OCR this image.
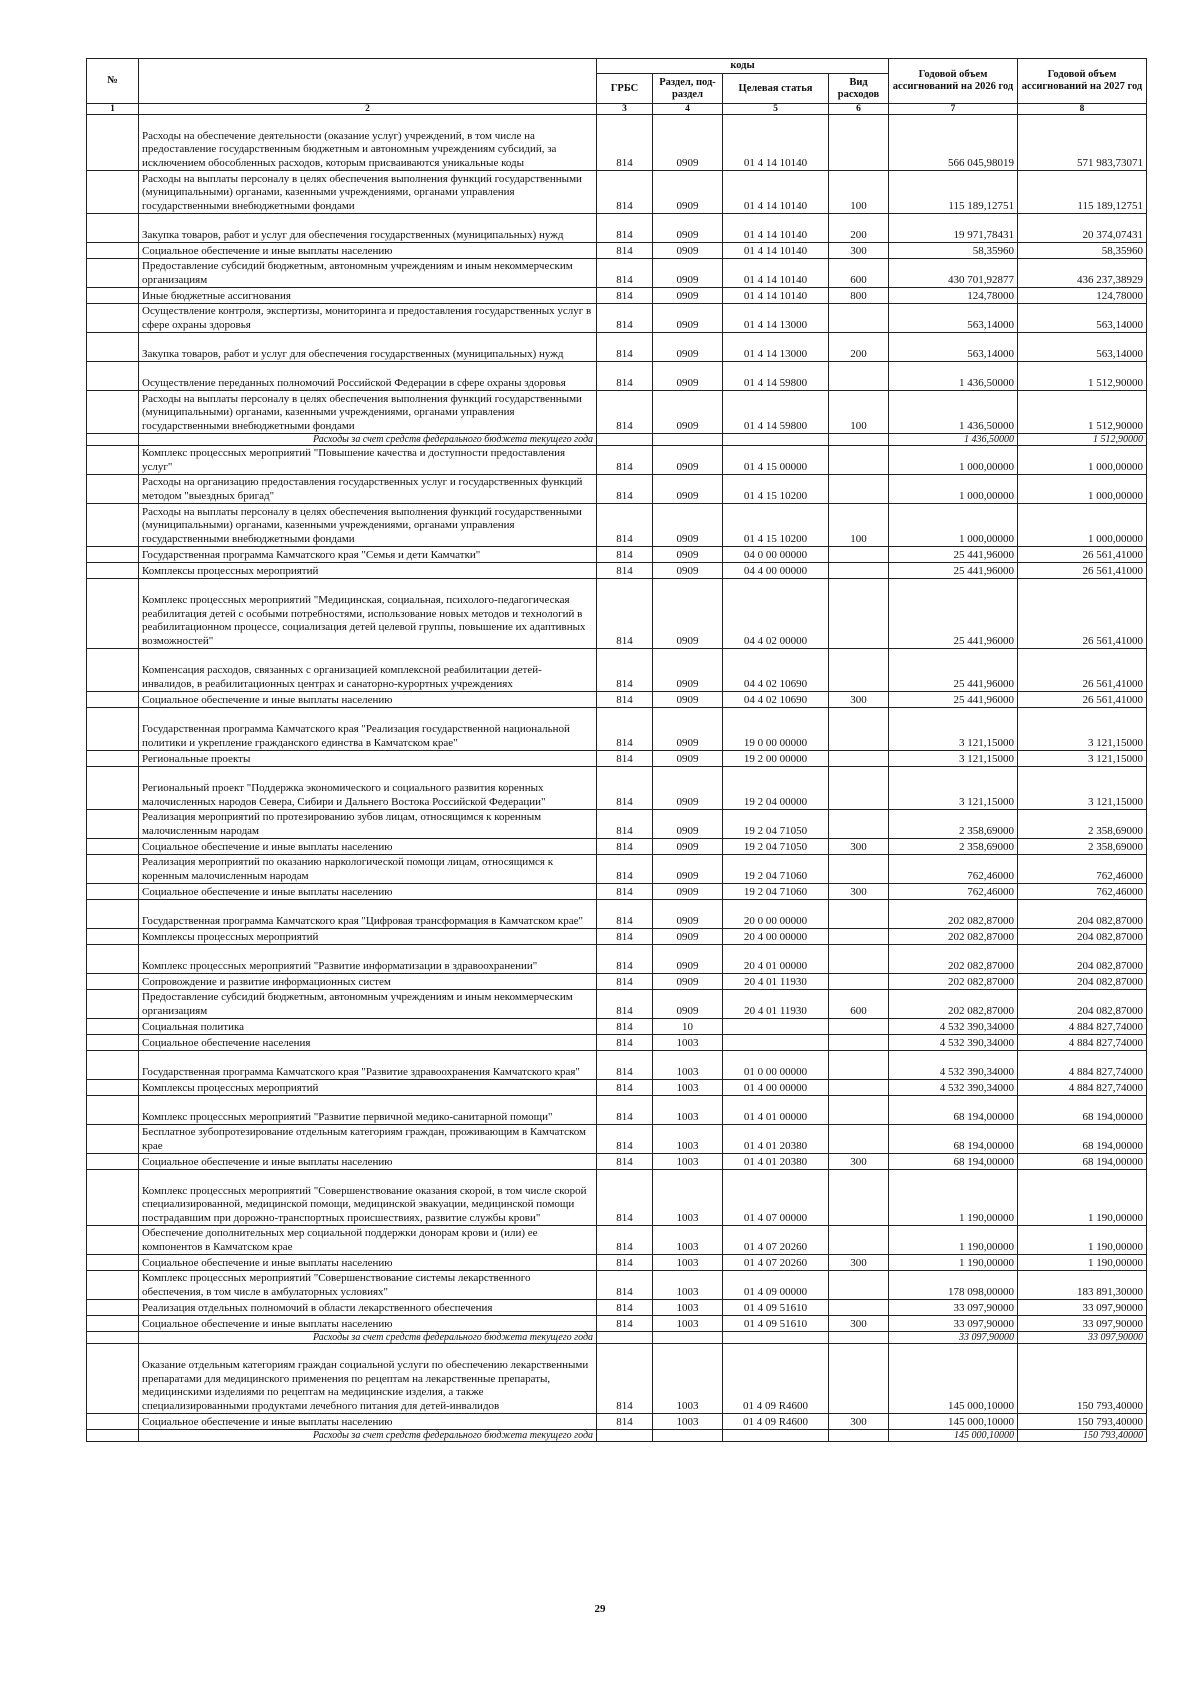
№		коды				Годовой объем ассигнований на 2026 год	Годовой объем ассигнований на 2027 год
		ГРБС	Раздел, под-раздел	Целевая статья	Вид расходов		
1	2	3	4	5	6	7	8
	Расходы на обеспечение деятельности (оказание услуг) учреждений, в том числе на предоставление государственным бюджетным и автономным учреждениям субсидий, за исключением обособленных расходов, которым присваиваются уникальные коды	814	0909	01 4 14 10140		566 045,98019	571 983,73071
	Расходы на выплаты персоналу в целях обеспечения выполнения функций государственными (муниципальными) органами, казенными учреждениями, органами управления государственными внебюджетными фондами	814	0909	01 4 14 10140	100	115 189,12751	115 189,12751
	Закупка товаров, работ и услуг для обеспечения государственных (муниципальных) нужд	814	0909	01 4 14 10140	200	19 971,78431	20 374,07431
	Социальное обеспечение и иные выплаты населению	814	0909	01 4 14 10140	300	58,35960	58,35960
	Предоставление субсидий бюджетным, автономным учреждениям и иным некоммерческим организациям	814	0909	01 4 14 10140	600	430 701,92877	436 237,38929
	Иные бюджетные ассигнования	814	0909	01 4 14 10140	800	124,78000	124,78000
	Осуществление контроля, экспертизы, мониторинга и предоставления государственных услуг в сфере охраны здоровья	814	0909	01 4 14 13000		563,14000	563,14000
	Закупка товаров, работ и услуг для обеспечения государственных (муниципальных) нужд	814	0909	01 4 14 13000	200	563,14000	563,14000
	Осуществление переданных полномочий Российской Федерации в сфере охраны здоровья	814	0909	01 4 14 59800		1 436,50000	1 512,90000
	Расходы на выплаты персоналу в целях обеспечения выполнения функций государственными (муниципальными) органами, казенными учреждениями, органами управления государственными внебюджетными фондами	814	0909	01 4 14 59800	100	1 436,50000	1 512,90000
	Расходы за счет средств федерального бюджета текущего года					1 436,50000	1 512,90000
	Комплекс процессных мероприятий "Повышение качества и доступности предоставления услуг"	814	0909	01 4 15 00000		1 000,00000	1 000,00000
	Расходы на организацию предоставления государственных услуг и государственных функций методом "выездных бригад"	814	0909	01 4 15 10200		1 000,00000	1 000,00000
	Расходы на выплаты персоналу в целях обеспечения выполнения функций государственными (муниципальными) органами, казенными учреждениями, органами управления государственными внебюджетными фондами	814	0909	01 4 15 10200	100	1 000,00000	1 000,00000
	Государственная программа Камчатского края "Семья и дети Камчатки"	814	0909	04 0 00 00000		25 441,96000	26 561,41000
	Комплексы процессных мероприятий	814	0909	04 4 00 00000		25 441,96000	26 561,41000
	Комплекс процессных мероприятий "Медицинская, социальная, психолого-педагогическая реабилитация детей с особыми потребностями, использование новых методов и технологий в реабилитационном процессе, социализация детей целевой группы, повышение их адаптивных возможностей"	814	0909	04 4 02 00000		25 441,96000	26 561,41000
	Компенсация расходов, связанных с организацией комплексной реабилитации детей-инвалидов, в реабилитационных центрах и санаторно-курортных учреждениях	814	0909	04 4 02 10690		25 441,96000	26 561,41000
	Социальное обеспечение и иные выплаты населению	814	0909	04 4 02 10690	300	25 441,96000	26 561,41000
	Государственная программа Камчатского края "Реализация государственной национальной политики и укрепление гражданского единства в Камчатском крае"	814	0909	19 0 00 00000		3 121,15000	3 121,15000
	Региональные проекты	814	0909	19 2 00 00000		3 121,15000	3 121,15000
	Региональный проект "Поддержка экономического и социального развития коренных малочисленных народов Севера, Сибири и Дальнего Востока Российской Федерации"	814	0909	19 2 04 00000		3 121,15000	3 121,15000
	Реализация мероприятий по протезированию зубов лицам, относящимся к коренным малочисленным народам	814	0909	19 2 04 71050		2 358,69000	2 358,69000
	Социальное обеспечение и иные выплаты населению	814	0909	19 2 04 71050	300	2 358,69000	2 358,69000
	Реализация мероприятий по оказанию наркологической помощи лицам, относящимся к коренным малочисленным народам	814	0909	19 2 04 71060		762,46000	762,46000
	Социальное обеспечение и иные выплаты населению	814	0909	19 2 04 71060	300	762,46000	762,46000
	Государственная программа Камчатского края "Цифровая трансформация в Камчатском крае"	814	0909	20 0 00 00000		202 082,87000	204 082,87000
	Комплексы процессных мероприятий	814	0909	20 4 00 00000		202 082,87000	204 082,87000
	Комплекс процессных мероприятий "Развитие информатизации в здравоохранении"	814	0909	20 4 01 00000		202 082,87000	204 082,87000
	Сопровождение и развитие информационных систем	814	0909	20 4 01 11930		202 082,87000	204 082,87000
	Предоставление субсидий бюджетным, автономным учреждениям и иным некоммерческим организациям	814	0909	20 4 01 11930	600	202 082,87000	204 082,87000
	Социальная политика	814	10			4 532 390,34000	4 884 827,74000
	Социальное обеспечение населения	814	1003			4 532 390,34000	4 884 827,74000
	Государственная программа Камчатского края "Развитие здравоохранения Камчатского края"	814	1003	01 0 00 00000		4 532 390,34000	4 884 827,74000
	Комплексы процессных мероприятий	814	1003	01 4 00 00000		4 532 390,34000	4 884 827,74000
	Комплекс процессных мероприятий "Развитие первичной медико-санитарной помощи"	814	1003	01 4 01 00000		68 194,00000	68 194,00000
	Бесплатное зубопротезирование отдельным категориям граждан, проживающим в Камчатском крае	814	1003	01 4 01 20380		68 194,00000	68 194,00000
	Социальное обеспечение и иные выплаты населению	814	1003	01 4 01 20380	300	68 194,00000	68 194,00000
	Комплекс процессных мероприятий "Совершенствование оказания скорой, в том числе скорой специализированной, медицинской помощи, медицинской эвакуации, медицинской помощи пострадавшим при дорожно-транспортных происшествиях, развитие службы крови"	814	1003	01 4 07 00000		1 190,00000	1 190,00000
	Обеспечение дополнительных мер социальной поддержки донорам крови и (или) ее компонентов в Камчатском крае	814	1003	01 4 07 20260		1 190,00000	1 190,00000
	Социальное обеспечение и иные выплаты населению	814	1003	01 4 07 20260	300	1 190,00000	1 190,00000
	Комплекс процессных мероприятий "Совершенствование системы лекарственного обеспечения, в том числе в амбулаторных условиях"	814	1003	01 4 09 00000		178 098,00000	183 891,30000
	Реализация отдельных полномочий в области лекарственного обеспечения	814	1003	01 4 09 51610		33 097,90000	33 097,90000
	Социальное обеспечение и иные выплаты населению	814	1003	01 4 09 51610	300	33 097,90000	33 097,90000
	Расходы за счет средств федерального бюджета текущего года					33 097,90000	33 097,90000
	Оказание отдельным категориям граждан социальной услуги по обеспечению лекарственными препаратами для медицинского применения по рецептам на лекарственные препараты, медицинскими изделиями по рецептам на медицинские изделия, а также специализированными продуктами лечебного питания для детей-инвалидов	814	1003	01 4 09 R4600		145 000,10000	150 793,40000
	Социальное обеспечение и иные выплаты населению	814	1003	01 4 09 R4600	300	145 000,10000	150 793,40000
	Расходы за счет средств федерального бюджета текущего года					145 000,10000	150 793,40000
29
